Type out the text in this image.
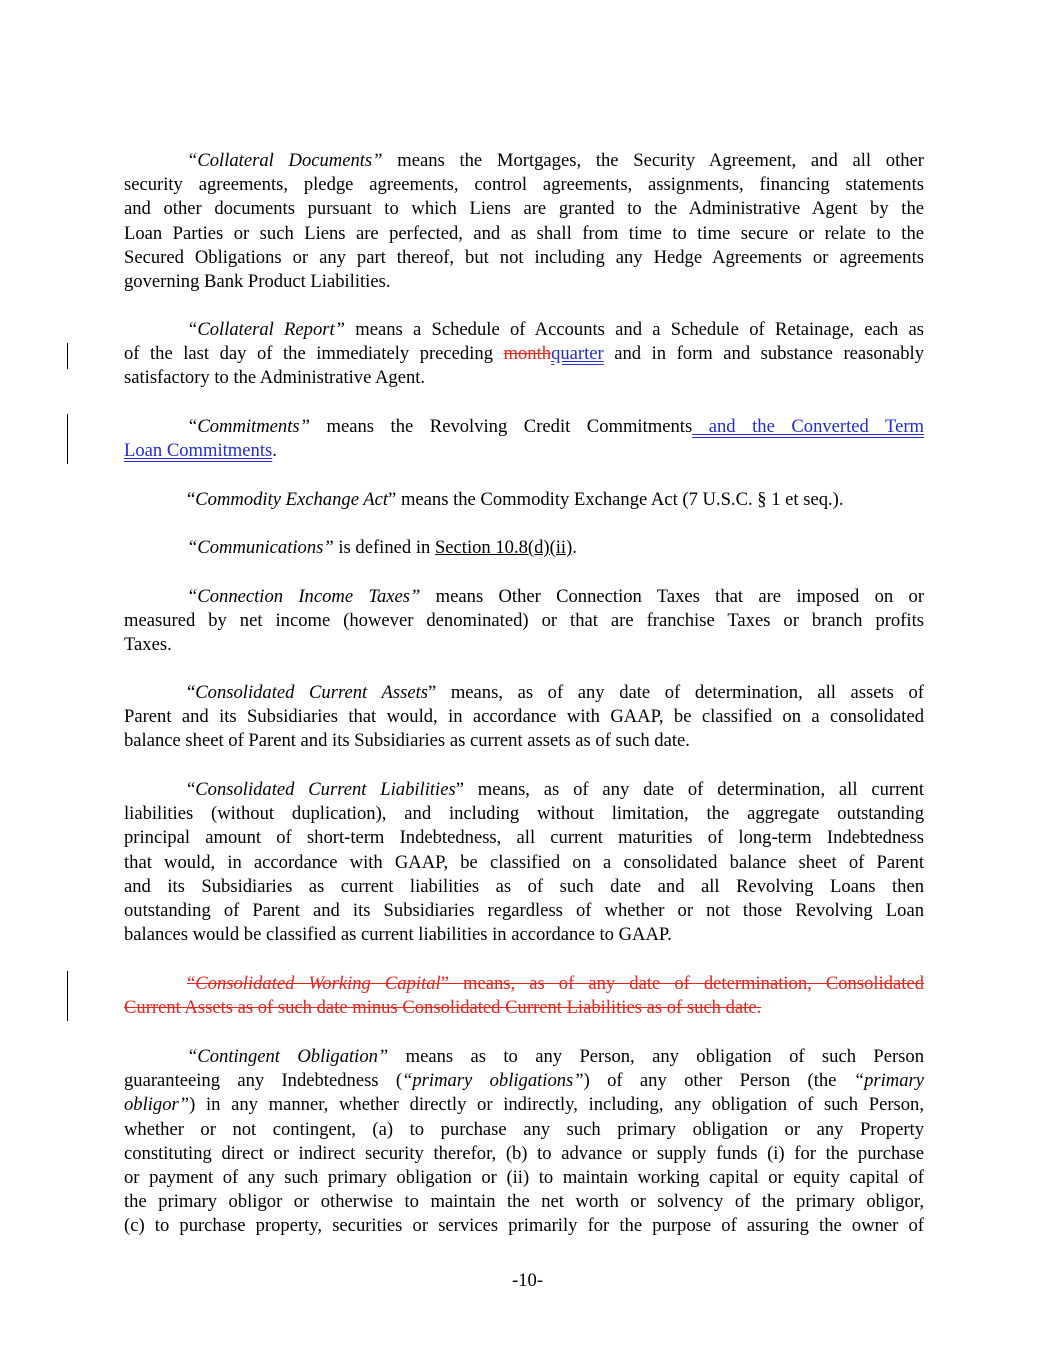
“Collateral Documents” means the Mortgages, the Security Agreement, and all other
security agreements, pledge agreements, control agreements, assignments, financing statements
and other documents pursuant to which Liens are granted to the Administrative Agent by the
Loan Parties or such Liens are perfected, and as shall from time to time secure or relate to the
Secured Obligations or any part thereof, but not including any Hedge Agreements or agreements
governing Bank Product Liabilities.
“Collateral Report” means a Schedule of Accounts and a Schedule of Retainage, each as
of the last day of the immediately preceding monthquarter and in form and substance reasonably
satisfactory to the Administrative Agent.
“Commitments” means the Revolving Credit Commitments and the Converted Term
Loan Commitments.
“Commodity Exchange Act” means the Commodity Exchange Act (7 U.S.C. § 1 et seq.).
“Communications” is defined in Section 10.8(d)(ii).
“Connection Income Taxes” means Other Connection Taxes that are imposed on or
measured by net income (however denominated) or that are franchise Taxes or branch profits
Taxes.
“Consolidated Current Assets” means, as of any date of determination, all assets of
Parent and its Subsidiaries that would, in accordance with GAAP, be classified on a consolidated
balance sheet of Parent and its Subsidiaries as current assets as of such date.
“Consolidated Current Liabilities” means, as of any date of determination, all current
liabilities (without duplication), and including without limitation, the aggregate outstanding
principal amount of short-term Indebtedness, all current maturities of long-term Indebtedness
that would, in accordance with GAAP, be classified on a consolidated balance sheet of Parent
and its Subsidiaries as current liabilities as of such date and all Revolving Loans then
outstanding of Parent and its Subsidiaries regardless of whether or not those Revolving Loan
balances would be classified as current liabilities in accordance to GAAP.
“Consolidated Working Capital” means, as of any date of determination, Consolidated
Current Assets as of such date minus Consolidated Current Liabilities as of such date.
“Contingent Obligation” means as to any Person, any obligation of such Person
guaranteeing any Indebtedness (“primary obligations”) of any other Person (the “primary
obligor”) in any manner, whether directly or indirectly, including, any obligation of such Person,
whether or not contingent, (a) to purchase any such primary obligation or any Property
constituting direct or indirect security therefor, (b) to advance or supply funds (i) for the purchase
or payment of any such primary obligation or (ii) to maintain working capital or equity capital of
the primary obligor or otherwise to maintain the net worth or solvency of the primary obligor,
(c) to purchase property, securities or services primarily for the purpose of assuring the owner of
-10-
